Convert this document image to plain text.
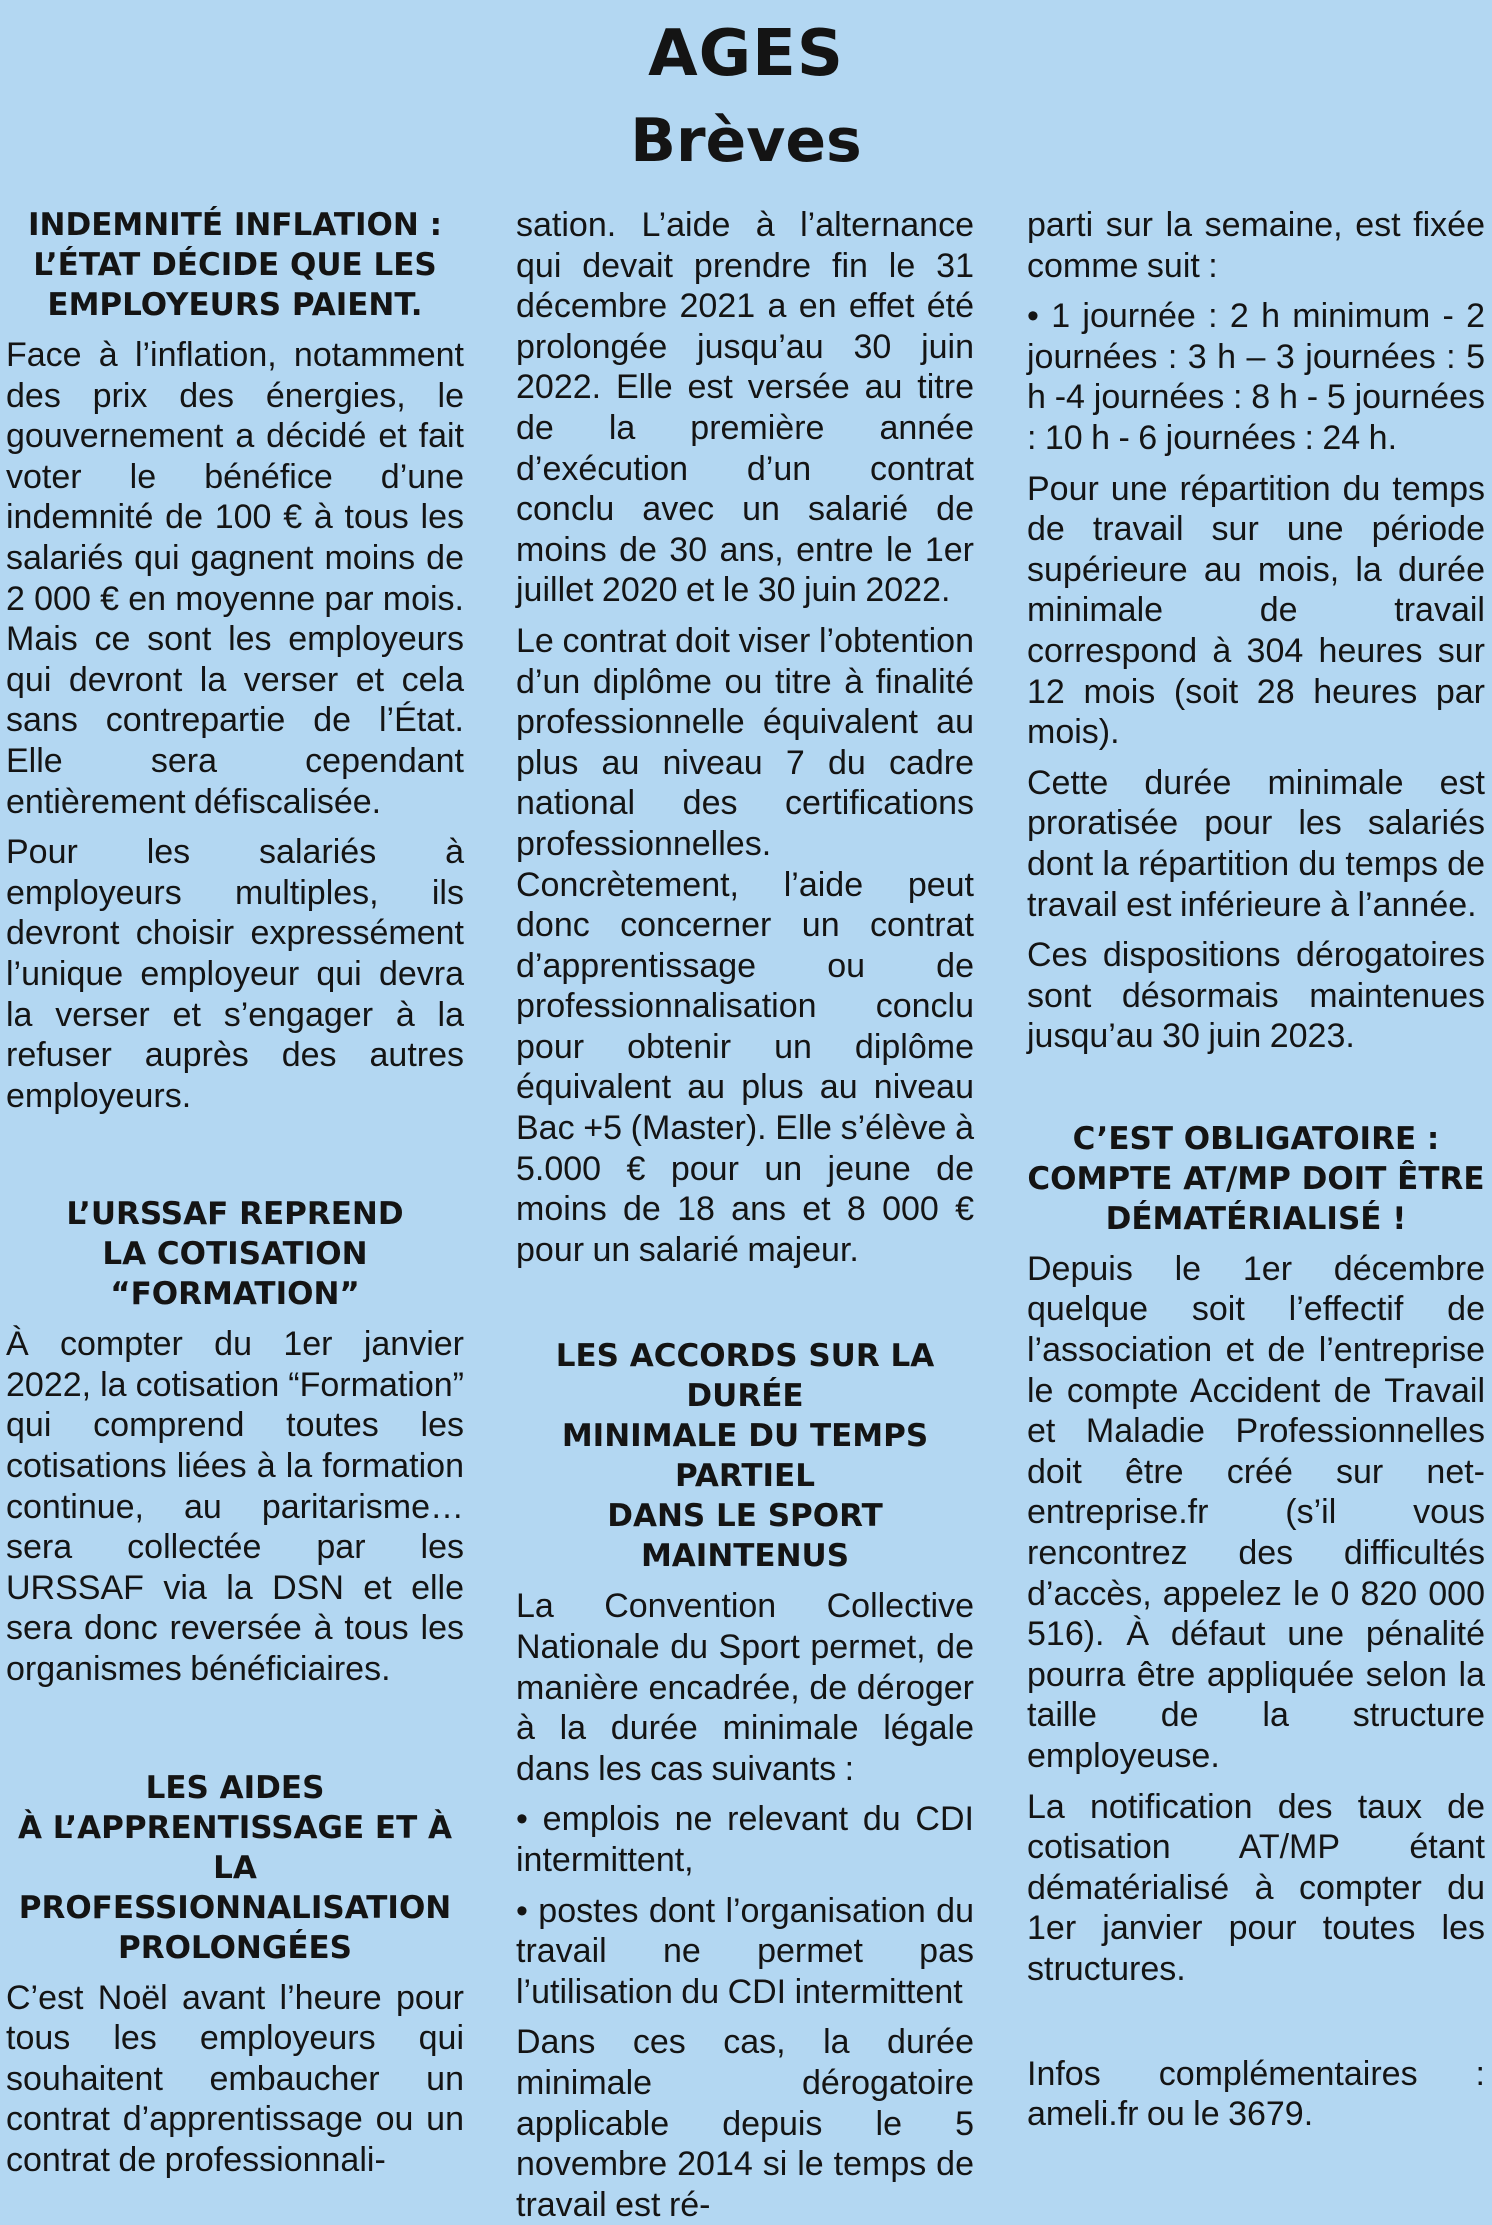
AGES
Brèves
INDEMNITÉ INFLATION :
L’ÉTAT DÉCIDE QUE LES
EMPLOYEURS PAIENT.

Face à l’inflation, notamment des prix des énergies, le gouvernement a décidé et fait voter le bénéfice d’une indemnité de 100 € à tous les salariés qui gagnent moins de 2 000 € en moyenne par mois. Mais ce sont les employeurs qui devront la verser et cela sans contrepartie de l’État. Elle sera cependant entièrement défiscalisée.

Pour les salariés à employeurs multiples, ils devront choisir expressément l’unique employeur qui devra la verser et s’engager à la refuser auprès des autres employeurs.

L’URSSAF REPREND
LA COTISATION
“FORMATION”

À compter du 1er janvier 2022, la cotisation “Formation” qui comprend toutes les cotisations liées à la formation continue, au paritarisme… sera collectée par les URSSAF via la DSN et elle sera donc reversée à tous les organismes bénéficiaires.

LES AIDES
À L’APPRENTISSAGE ET À
LA PROFESSIONNALISATION
PROLONGÉES

C’est Noël avant l’heure pour tous les employeurs qui souhaitent embaucher un contrat d’apprentissage ou un contrat de professionnali-

sation. L’aide à l’alternance qui devait prendre fin le 31 décembre 2021 a en effet été prolongée jusqu’au 30 juin 2022. Elle est versée au titre de la première année d’exécution d’un contrat conclu avec un salarié de moins de 30 ans, entre le 1er juillet 2020 et le 30 juin 2022.

Le contrat doit viser l’obtention d’un diplôme ou titre à finalité professionnelle équivalent au plus au niveau 7 du cadre national des certifications professionnelles. Concrètement, l’aide peut donc concerner un contrat d’apprentissage ou de professionnalisation conclu pour obtenir un diplôme équivalent au plus au niveau Bac +5 (Master). Elle s’élève à 5.000 € pour un jeune de moins de 18 ans et 8 000 € pour un salarié majeur.

LES ACCORDS SUR LA DURÉE
MINIMALE DU TEMPS PARTIEL
DANS LE SPORT MAINTENUS

La Convention Collective Nationale du Sport permet, de manière encadrée, de déroger à la durée minimale légale dans les cas suivants :

• emplois ne relevant du CDI intermittent,

• postes dont l’organisation du travail ne permet pas l’utilisation du CDI intermittent

Dans ces cas, la durée minimale dérogatoire applicable depuis le 5 novembre 2014 si le temps de travail est ré-

parti sur la semaine, est fixée comme suit :

• 1 journée : 2 h minimum - 2 journées : 3 h – 3 journées : 5 h -4 journées : 8 h - 5 journées : 10 h - 6 journées : 24 h.

Pour une répartition du temps de travail sur une période supérieure au mois, la durée minimale de travail correspond à 304 heures sur 12 mois (soit 28 heures par mois).

Cette durée minimale est proratisée pour les salariés dont la répartition du temps de travail est inférieure à l’année.

Ces dispositions dérogatoires sont désormais maintenues jusqu’au 30 juin 2023.

C’EST OBLIGATOIRE :
COMPTE AT/MP DOIT ÊTRE
DÉMATÉRIALISÉ !

Depuis le 1er décembre quelque soit l’effectif de l’association et de l’entreprise le compte Accident de Travail et Maladie Professionnelles doit être créé sur net-entreprise.fr (s’il vous rencontrez des difficultés d’accès, appelez le 0 820 000 516). À défaut une pénalité pourra être appliquée selon la taille de la structure employeuse.

La notification des taux de cotisation AT/MP étant dématérialisé à compter du 1er janvier pour toutes les structures.

Infos complémentaires : ameli.fr ou le 3679.
